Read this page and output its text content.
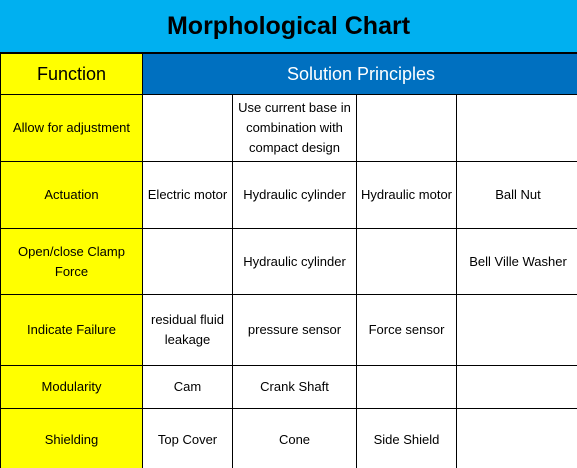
Morphological Chart
Function	Solution Principles			
Allow for adjustment		Use current base in combination with compact design		
Actuation	Electric motor	Hydraulic cylinder	Hydraulic motor	Ball Nut
Open/close Clamp Force		Hydraulic cylinder		Bell Ville Washer
Indicate Failure	residual fluid leakage	pressure sensor	Force sensor	
Modularity	Cam	Crank Shaft		
Shielding	Top Cover	Cone	Side Shield	
